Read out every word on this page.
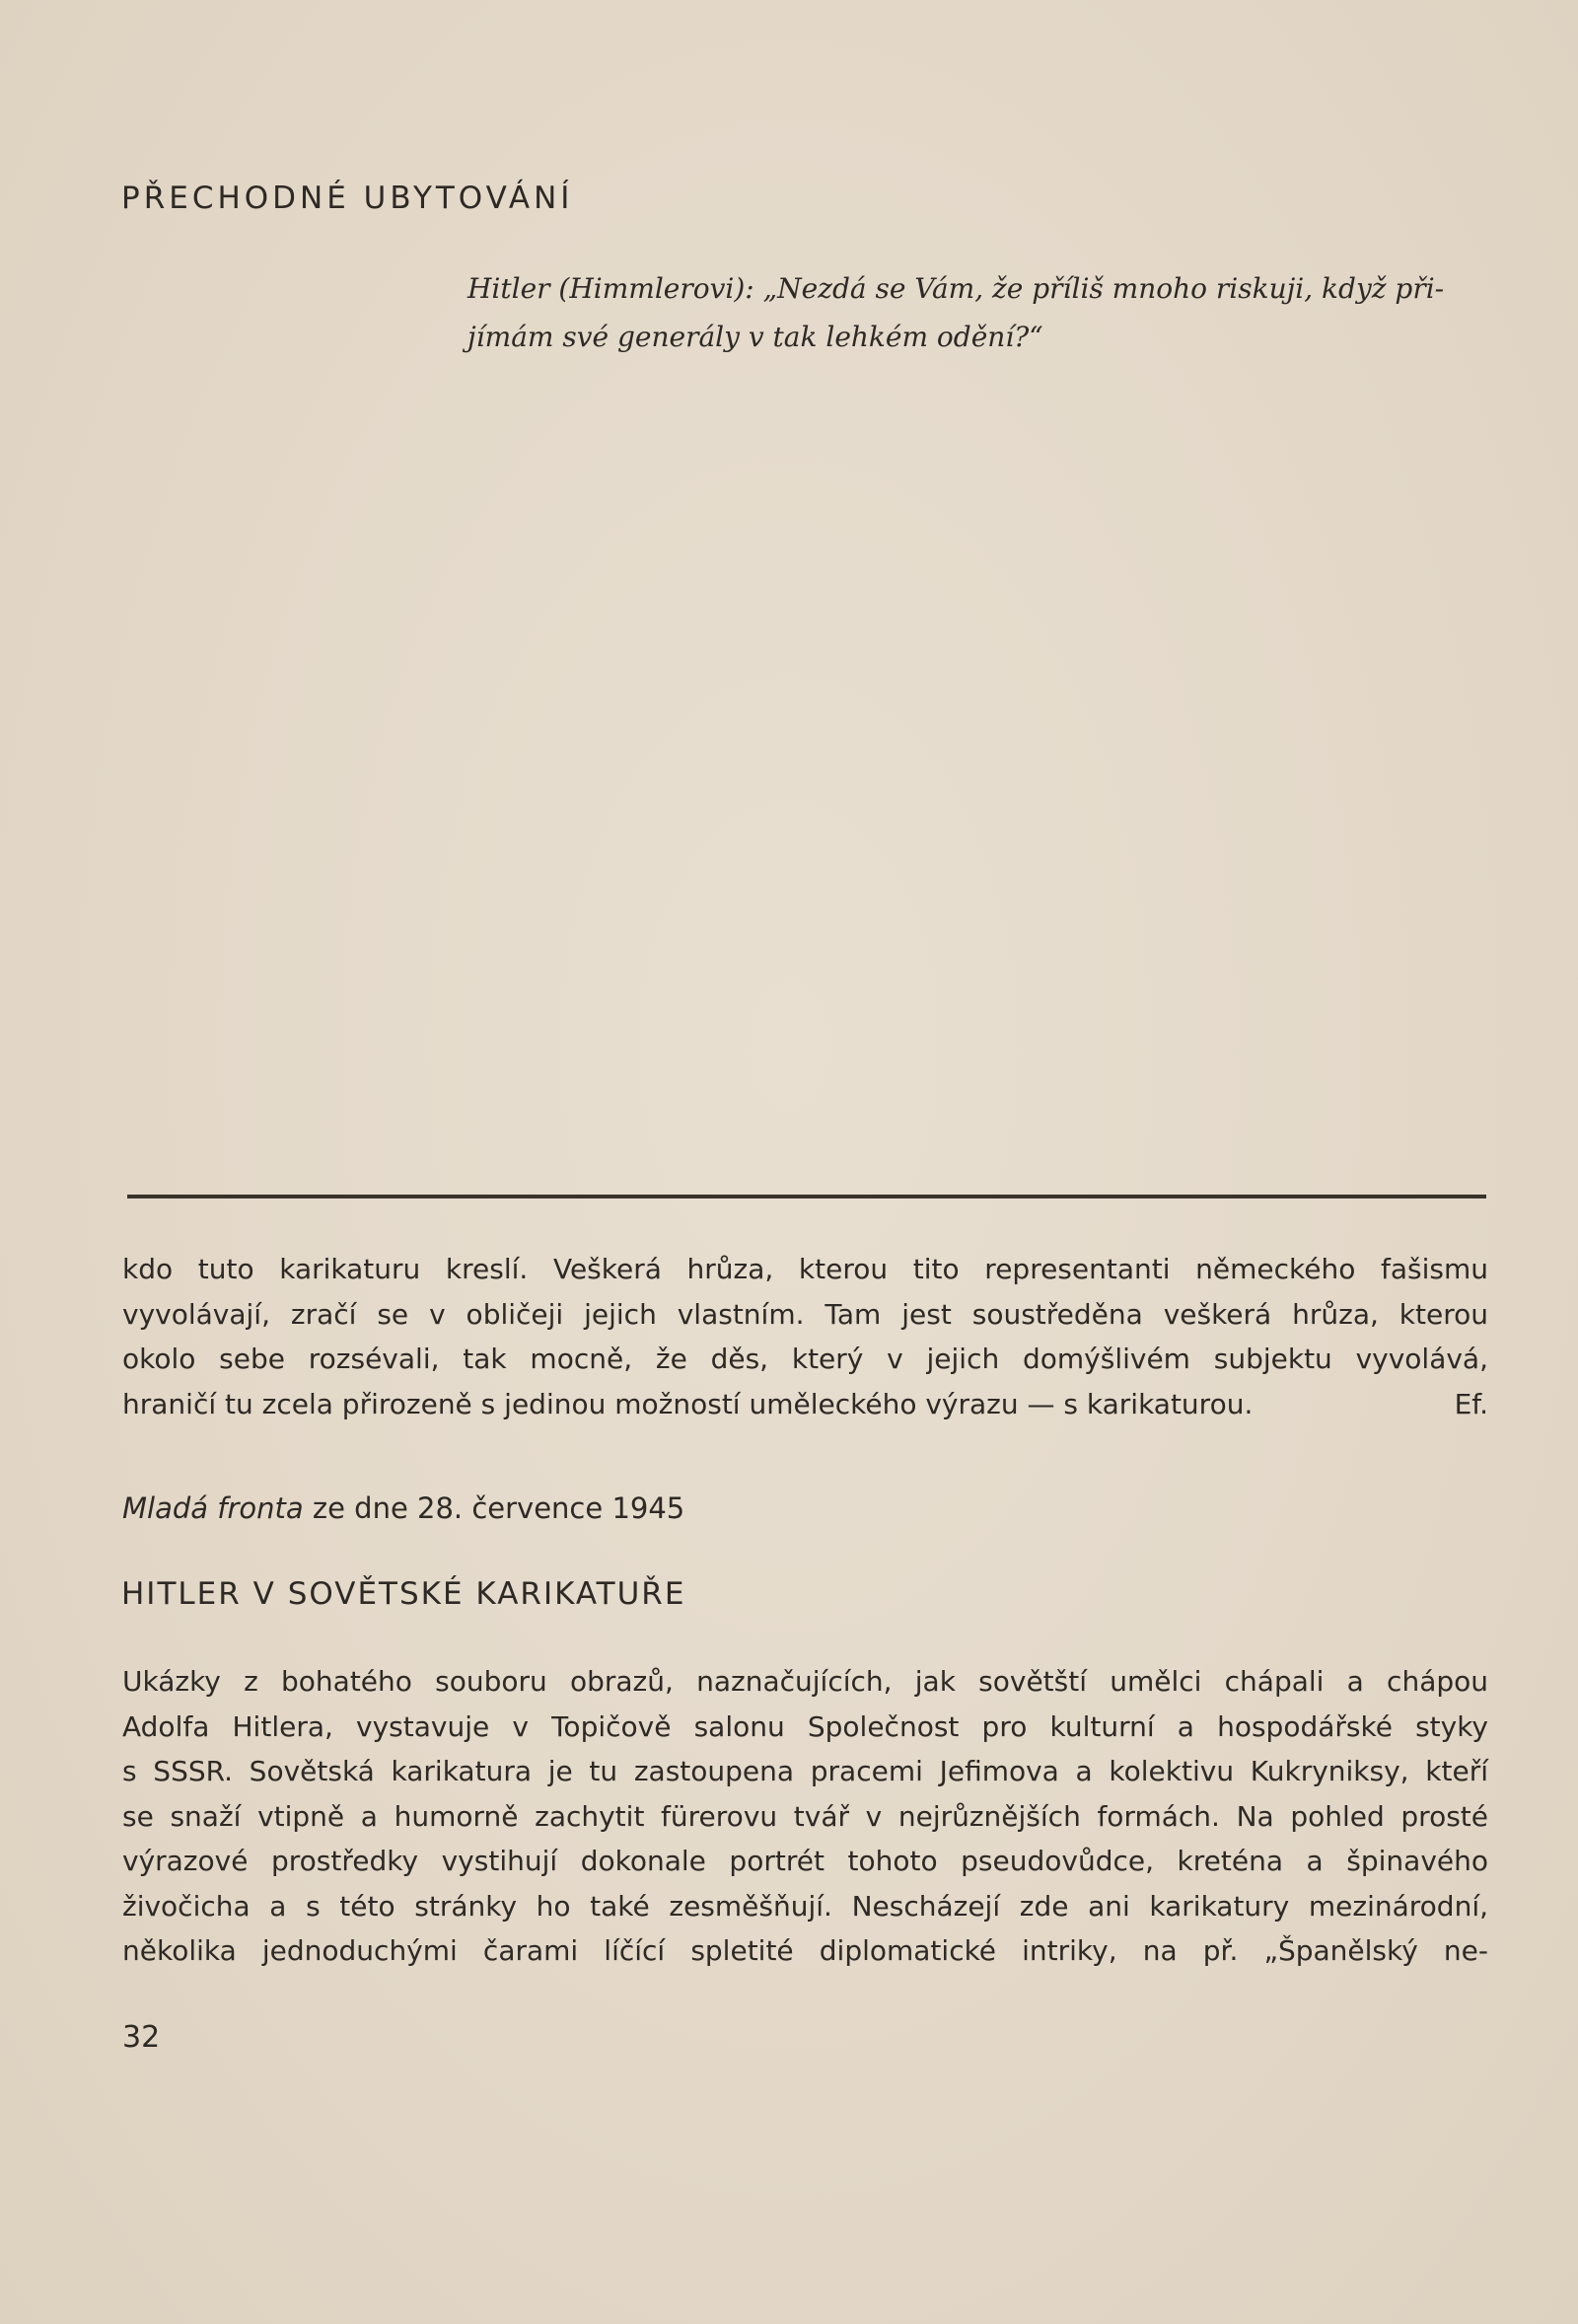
PŘECHODNÉ UBYTOVÁNÍ

Hitler (Himmlerovi): „Nezdá se Vám, že příliš mnoho riskuji, když při-
jímám své generály v tak lehkém odění?“

kdo tuto karikaturu kreslí. Veškerá hrůza, kterou tito representanti německého fašismu
vyvolávají, zračí se v obličeji jejich vlastním. Tam jest soustředěna veškerá hrůza, kterou
okolo sebe rozsévali, tak mocně, že děs, který v jejich domýšlivém subjektu vyvolává,
hraničí tu zcela přirozeně s jedinou možností uměleckého výrazu — s karikaturou.	Ef.

Mladá fronta ze dne 28. července 1945

HITLER V SOVĚTSKÉ KARIKATUŘE

Ukázky z bohatého souboru obrazů, naznačujících, jak sovětští umělci chápali a chápou
Adolfa Hitlera, vystavuje v Topičově salonu Společnost pro kulturní a hospodářské styky
s SSSR. Sovětská karikatura je tu zastoupena pracemi Jefimova a kolektivu Kukryniksy, kteří
se snaží vtipně a humorně zachytit fürerovu tvář v nejrůznějších formách. Na pohled prosté
výrazové prostředky vystihují dokonale portrét tohoto pseudovůdce, kreténa a špinavého
živočicha a s této stránky ho také zesměšňují. Nescházejí zde ani karikatury mezinárodní,
několika jednoduchými čarami líčící spletité diplomatické intriky, na př. „Španělský ne-

32
